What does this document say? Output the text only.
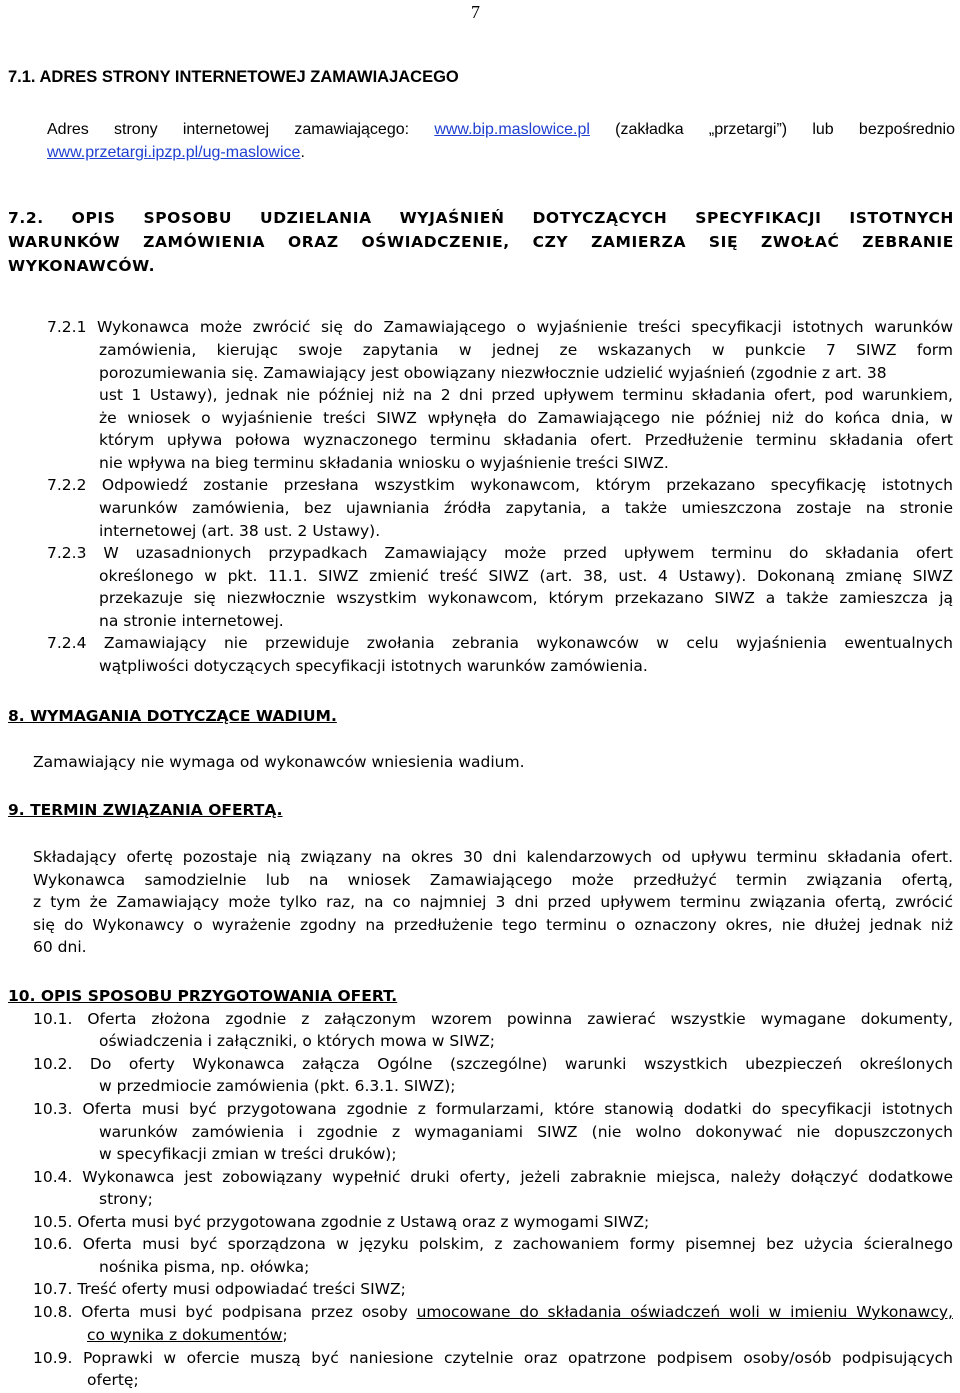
7
7.1. ADRES STRONY INTERNETOWEJ ZAMAWIAJACEGO
Adres strony internetowej zamawiającego: www.bip.maslowice.pl (zakładka „przetargi”) lub bezpośrednio
www.przetargi.ipzp.pl/ug-maslowice.
7.2. OPIS SPOSOBU UDZIELANIA WYJAŚNIEŃ DOTYCZĄCYCH SPECYFIKACJI ISTOTNYCH
WARUNKÓW ZAMÓWIENIA ORAZ OŚWIADCZENIE, CZY ZAMIERZA SIĘ ZWOŁAĆ ZEBRANIE
WYKONAWCÓW.
7.2.1 Wykonawca może zwrócić się do Zamawiającego o wyjaśnienie treści specyfikacji istotnych warunków
zamówienia, kierując swoje zapytania w jednej ze wskazanych w punkcie 7 SIWZ form
porozumiewania się. Zamawiający jest obowiązany niezwłocznie udzielić wyjaśnień (zgodnie z art. 38
ust 1 Ustawy), jednak nie później niż na 2 dni przed upływem terminu składania ofert, pod warunkiem,
że wniosek o wyjaśnienie treści SIWZ wpłynęła do Zamawiającego nie później niż do końca dnia, w
którym upływa połowa wyznaczonego terminu składania ofert. Przedłużenie terminu składania ofert
nie wpływa na bieg terminu składania wniosku o wyjaśnienie treści SIWZ.
7.2.2 Odpowiedź zostanie przesłana wszystkim wykonawcom, którym przekazano specyfikację istotnych
warunków zamówienia, bez ujawniania źródła zapytania, a także umieszczona zostaje na stronie
internetowej (art. 38 ust. 2 Ustawy).
7.2.3 W uzasadnionych przypadkach Zamawiający może przed upływem terminu do składania ofert
określonego w pkt. 11.1. SIWZ zmienić treść SIWZ (art. 38, ust. 4 Ustawy). Dokonaną zmianę SIWZ
przekazuje się niezwłocznie wszystkim wykonawcom, którym przekazano SIWZ a także zamieszcza ją
na stronie internetowej.
7.2.4 Zamawiający nie przewiduje zwołania zebrania wykonawców w celu wyjaśnienia ewentualnych
wątpliwości dotyczących specyfikacji istotnych warunków zamówienia.
8. WYMAGANIA DOTYCZĄCE WADIUM.
Zamawiający nie wymaga od wykonawców wniesienia wadium.
9. TERMIN ZWIĄZANIA OFERTĄ.
Składający ofertę pozostaje nią związany na okres 30 dni kalendarzowych od upływu terminu składania ofert.
Wykonawca samodzielnie lub na wniosek Zamawiającego może przedłużyć termin związania ofertą,
z tym że Zamawiający może tylko raz, na co najmniej 3 dni przed upływem terminu związania ofertą, zwrócić
się do Wykonawcy o wyrażenie zgodny na przedłużenie tego terminu o oznaczony okres, nie dłużej jednak niż
60 dni.
10. OPIS SPOSOBU PRZYGOTOWANIA OFERT.
10.1. Oferta złożona zgodnie z załączonym wzorem powinna zawierać wszystkie wymagane dokumenty,
oświadczenia i załączniki, o których mowa w SIWZ;
10.2. Do oferty Wykonawca załącza Ogólne (szczególne) warunki wszystkich ubezpieczeń określonych
w przedmiocie zamówienia (pkt. 6.3.1. SIWZ);
10.3. Oferta musi być przygotowana zgodnie z formularzami, które stanowią dodatki do specyfikacji istotnych
warunków zamówienia i zgodnie z wymaganiami SIWZ (nie wolno dokonywać nie dopuszczonych
w specyfikacji zmian w treści druków);
10.4. Wykonawca jest zobowiązany wypełnić druki oferty, jeżeli zabraknie miejsca, należy dołączyć dodatkowe
strony;
10.5. Oferta musi być przygotowana zgodnie z Ustawą oraz z wymogami SIWZ;
10.6. Oferta musi być sporządzona w języku polskim, z zachowaniem formy pisemnej bez użycia ścieralnego
nośnika pisma, np. ołówka;
10.7. Treść oferty musi odpowiadać treści SIWZ;
10.8. Oferta musi być podpisana przez osoby umocowane do składania oświadczeń woli w imieniu Wykonawcy,
co wynika z dokumentów;
10.9. Poprawki w ofercie muszą być naniesione czytelnie oraz opatrzone podpisem osoby/osób podpisujących
ofertę;
